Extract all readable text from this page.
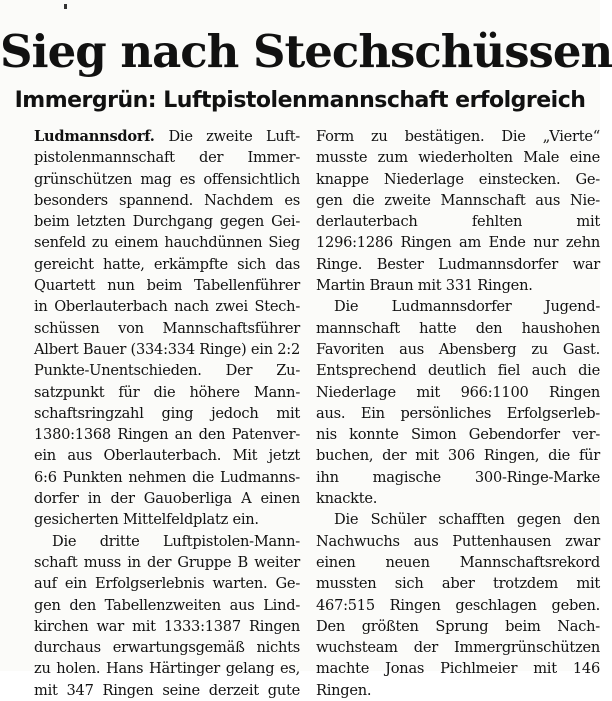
Sieg nach Stechschüssen
Immergrün: Luftpistolenmannschaft erfolgreich
Ludmannsdorf. Die zweite Luft-
pistolenmannschaft der Immer-
grünschützen mag es offensichtlich
besonders spannend. Nachdem es
beim letzten Durchgang gegen Gei-
senfeld zu einem hauchdünnen Sieg
gereicht hatte, erkämpfte sich das
Quartett nun beim Tabellenführer
in Oberlauterbach nach zwei Stech-
schüssen von Mannschaftsführer
Albert Bauer (334:334 Ringe) ein 2:2
Punkte-Unentschieden. Der Zu-
satzpunkt für die höhere Mann-
schaftsringzahl ging jedoch mit
1380:1368 Ringen an den Patenver-
ein aus Oberlauterbach. Mit jetzt
6:6 Punkten nehmen die Ludmanns-
dorfer in der Gauoberliga A einen
gesicherten Mittelfeldplatz ein.
Die dritte Luftpistolen-Mann-
schaft muss in der Gruppe B weiter
auf ein Erfolgserlebnis warten. Ge-
gen den Tabellenzweiten aus Lind-
kirchen war mit 1333:1387 Ringen
durchaus erwartungsgemäß nichts
zu holen. Hans Härtinger gelang es,
mit 347 Ringen seine derzeit gute
Form zu bestätigen. Die „Vierte“
musste zum wiederholten Male eine
knappe Niederlage einstecken. Ge-
gen die zweite Mannschaft aus Nie-
derlauterbach fehlten mit
1296:1286 Ringen am Ende nur zehn
Ringe. Bester Ludmannsdorfer war
Martin Braun mit 331 Ringen.
Die Ludmannsdorfer Jugend-
mannschaft hatte den haushohen
Favoriten aus Abensberg zu Gast.
Entsprechend deutlich fiel auch die
Niederlage mit 966:1100 Ringen
aus. Ein persönliches Erfolgserleb-
nis konnte Simon Gebendorfer ver-
buchen, der mit 306 Ringen, die für
ihn magische 300-Ringe-Marke
knackte.
Die Schüler schafften gegen den
Nachwuchs aus Puttenhausen zwar
einen neuen Mannschaftsrekord
mussten sich aber trotzdem mit
467:515 Ringen geschlagen geben.
Den größten Sprung beim Nach-
wuchsteam der Immergrünschützen
machte Jonas Pichlmeier mit 146
Ringen.
